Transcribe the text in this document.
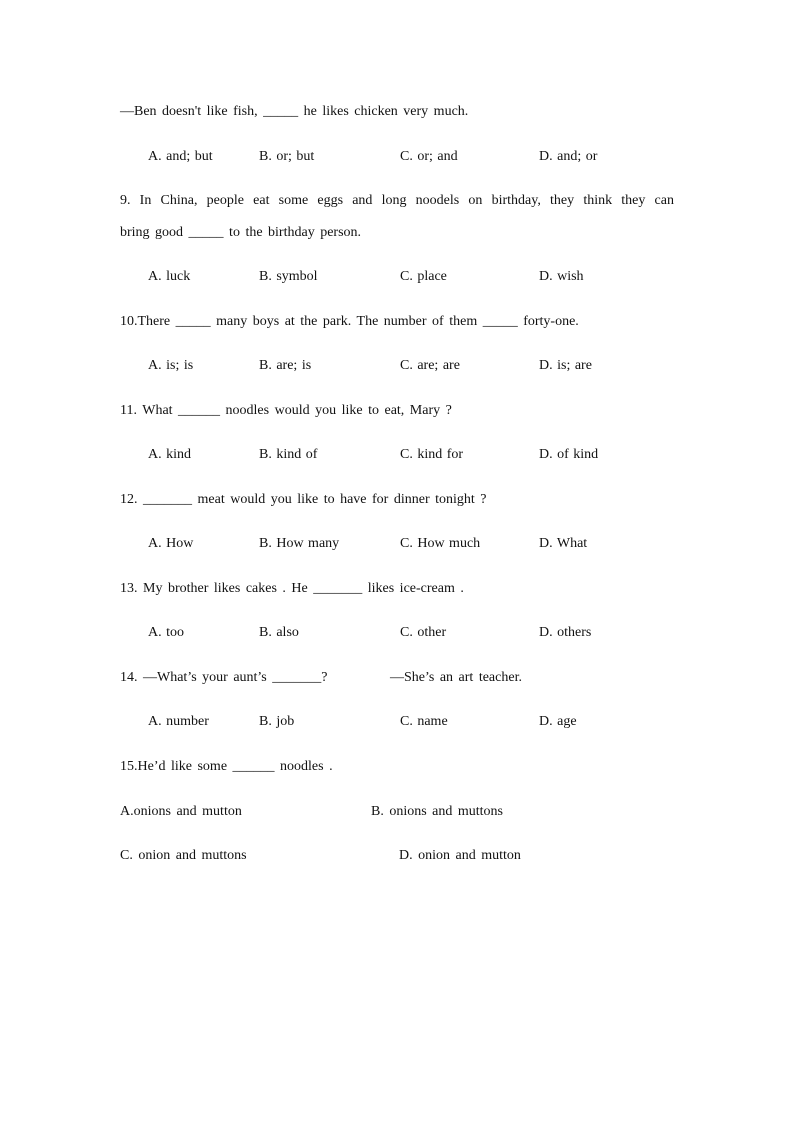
—Ben doesn't like fish, _____ he likes chicken very much.
A. and; but	B. or; but	C. or; and	D. and; or
9. In China, people eat some eggs and long noodels on birthday, they think they can
bring good _____ to the birthday person.
A. luck	B. symbol	C. place	D. wish
10.There _____ many boys at the park. The number of them _____ forty-one.
A. is; is	B. are; is	C. are; are	D. is; are
11. What ______ noodles would you like to eat, Mary ?
A. kind	B. kind of	C. kind for	D. of kind
12. _______ meat would you like to have for dinner tonight ?
A. How	B. How many	C. How much	D. What
13. My brother likes cakes . He _______ likes ice-cream .
A. too	B. also	C. other	D. others
14. —What’s your aunt’s _______?	—She’s an art teacher.
A. number	B. job	C. name	D. age
15.He’d like some ______ noodles .
A.onions and mutton	B. onions and muttons
C. onion and muttons	D. onion and mutton
